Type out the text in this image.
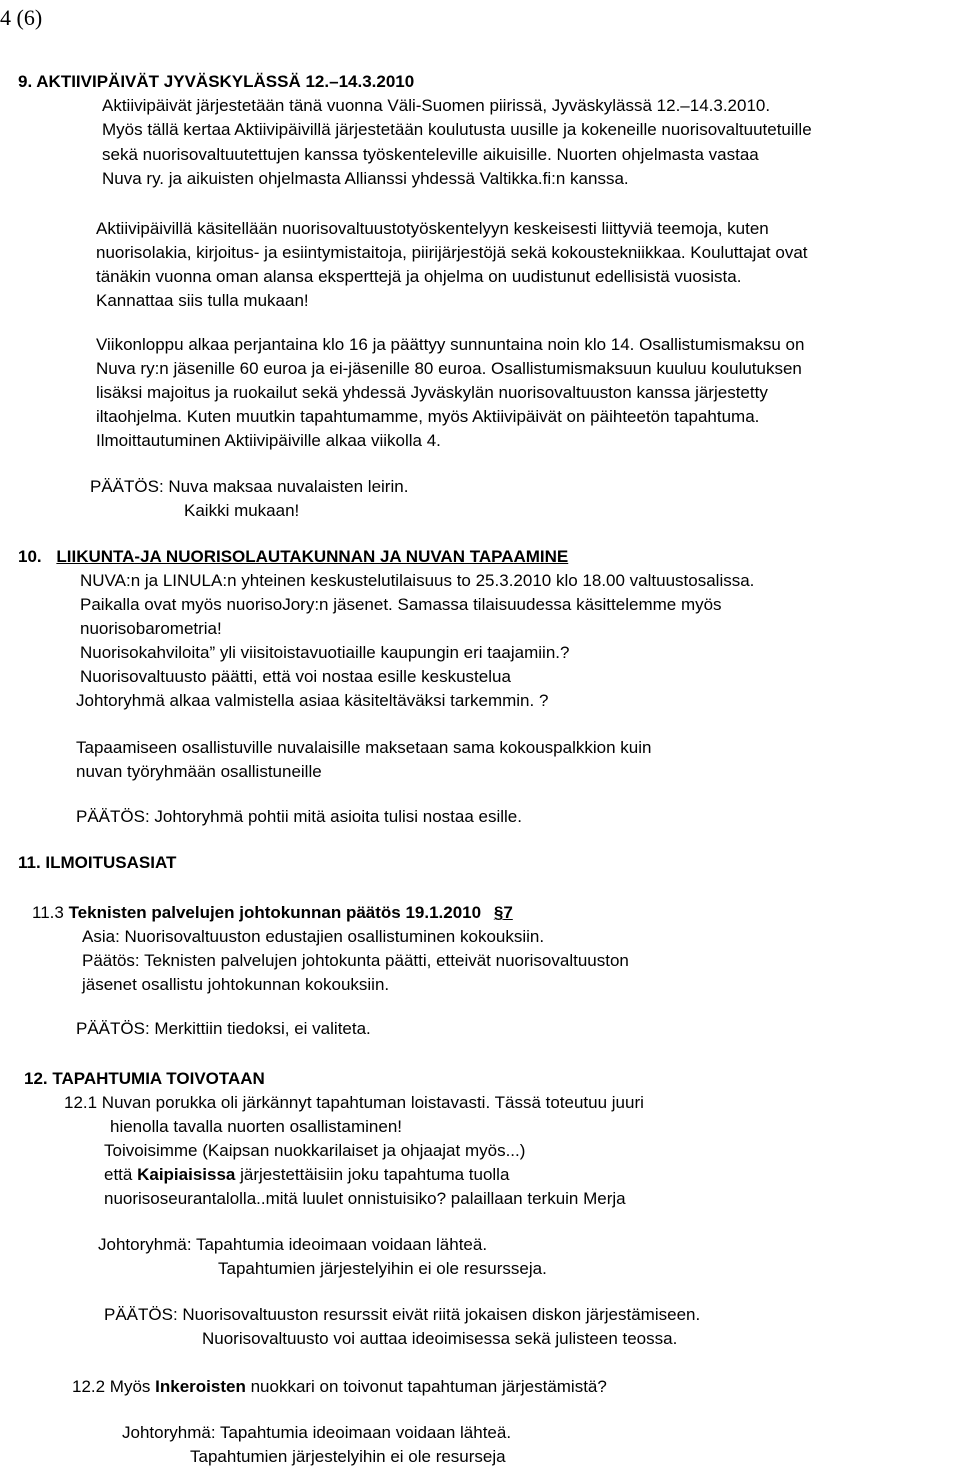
4 (6)
9. AKTIIVIPÄIVÄT JYVÄSKYLÄSSÄ 12.–14.3.2010
Aktiivipäivät järjestetään tänä vuonna Väli-Suomen piirissä, Jyväskylässä 12.–14.3.2010.
Myös tällä kertaa Aktiivipäivillä järjestetään koulutusta uusille ja kokeneille nuorisovaltuutetuille
sekä nuorisovaltuutettujen kanssa työskenteleville aikuisille. Nuorten ohjelmasta vastaa
Nuva ry. ja aikuisten ohjelmasta Allianssi yhdessä Valtikka.fi:n kanssa.
Aktiivipäivillä käsitellään nuorisovaltuustotyöskentelyyn keskeisesti liittyviä teemoja, kuten
nuorisolakia, kirjoitus- ja esiintymistaitoja, piirijärjestöjä sekä kokoustekniikkaa. Kouluttajat ovat
tänäkin vuonna oman alansa eksperttejä ja ohjelma on uudistunut edellisistä vuosista.
Kannattaa siis tulla mukaan!
Viikonloppu alkaa perjantaina klo 16 ja päättyy sunnuntaina noin klo 14. Osallistumismaksu on
Nuva ry:n jäsenille 60 euroa ja ei-jäsenille 80 euroa. Osallistumismaksuun kuuluu koulutuksen
lisäksi majoitus ja ruokailut sekä yhdessä Jyväskylän nuorisovaltuuston kanssa järjestetty
iltaohjelma. Kuten muutkin tapahtumamme, myös Aktiivipäivät on päihteetön tapahtuma.
Ilmoittautuminen Aktiivipäiville alkaa viikolla 4.
PÄÄTÖS: Nuva maksaa nuvalaisten leirin.
Kaikki mukaan!
10. LIIKUNTA-JA NUORISOLAUTAKUNNAN JA NUVAN TAPAAMINE
NUVA:n ja LINULA:n yhteinen keskustelutilaisuus to 25.3.2010 klo 18.00 valtuustosalissa.
Paikalla ovat myös nuorisoJory:n jäsenet. Samassa tilaisuudessa käsittelemme myös
nuorisobarometria!
Nuorisokahviloita” yli viisitoistavuotiaille kaupungin eri taajamiin.?
Nuorisovaltuusto päätti, että voi nostaa esille keskustelua
Johtoryhmä alkaa valmistella asiaa käsiteltäväksi tarkemmin. ?
Tapaamiseen osallistuville nuvalaisille maksetaan sama kokouspalkkion kuin
nuvan työryhmään osallistuneille
PÄÄTÖS: Johtoryhmä pohtii mitä asioita tulisi nostaa esille.
11. ILMOITUSASIAT
11.3 Teknisten palvelujen johtokunnan päätös 19.1.2010 §7
Asia: Nuorisovaltuuston edustajien osallistuminen kokouksiin.
Päätös: Teknisten palvelujen johtokunta päätti, etteivät nuorisovaltuuston
jäsenet osallistu johtokunnan kokouksiin.
PÄÄTÖS: Merkittiin tiedoksi, ei valiteta.
12. TAPAHTUMIA TOIVOTAAN
12.1 Nuvan porukka oli järkännyt tapahtuman loistavasti. Tässä toteutuu juuri
hienolla tavalla nuorten osallistaminen!
Toivoisimme (Kaipsan nuokkarilaiset ja ohjaajat myös...)
että Kaipiaisissa järjestettäisiin joku tapahtuma tuolla
nuorisoseurantalolla..mitä luulet onnistuisiko? palaillaan terkuin Merja
Johtoryhmä: Tapahtumia ideoimaan voidaan lähteä.
Tapahtumien järjestelyihin ei ole resursseja.
PÄÄTÖS: Nuorisovaltuuston resurssit eivät riitä jokaisen diskon järjestämiseen.
Nuorisovaltuusto voi auttaa ideoimisessa sekä julisteen teossa.
12.2 Myös Inkeroisten nuokkari on toivonut tapahtuman järjestämistä?
Johtoryhmä: Tapahtumia ideoimaan voidaan lähteä.
Tapahtumien järjestelyihin ei ole resurseja
